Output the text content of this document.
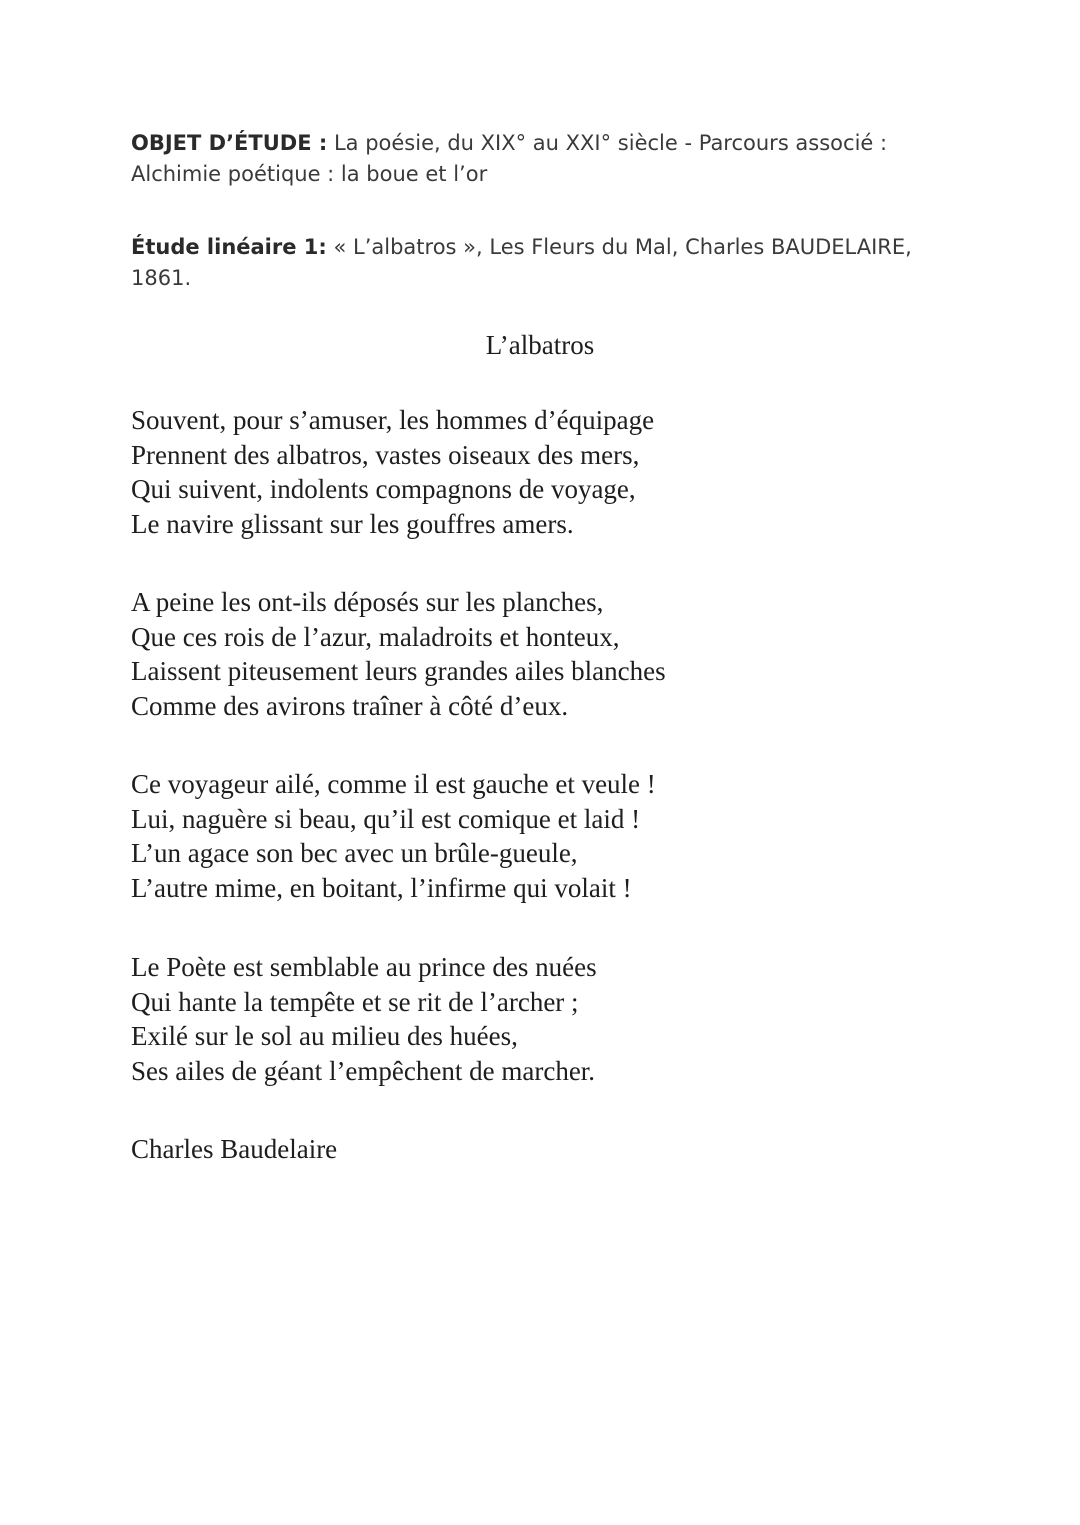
OBJET D’ÉTUDE : La poésie, du XIX° au XXI° siècle - Parcours associé :
Alchimie poétique : la boue et l’or
Étude linéaire 1: « L’albatros », Les Fleurs du Mal, Charles BAUDELAIRE,
1861.
L’albatros
Souvent, pour s’amuser, les hommes d’équipage
Prennent des albatros, vastes oiseaux des mers,
Qui suivent, indolents compagnons de voyage,
Le navire glissant sur les gouffres amers.
A peine les ont-ils déposés sur les planches,
Que ces rois de l’azur, maladroits et honteux,
Laissent piteusement leurs grandes ailes blanches
Comme des avirons traîner à côté d’eux.
Ce voyageur ailé, comme il est gauche et veule !
Lui, naguère si beau, qu’il est comique et laid !
L’un agace son bec avec un brûle-gueule,
L’autre mime, en boitant, l’infirme qui volait !
Le Poète est semblable au prince des nuées
Qui hante la tempête et se rit de l’archer ;
Exilé sur le sol au milieu des huées,
Ses ailes de géant l’empêchent de marcher.
Charles Baudelaire
